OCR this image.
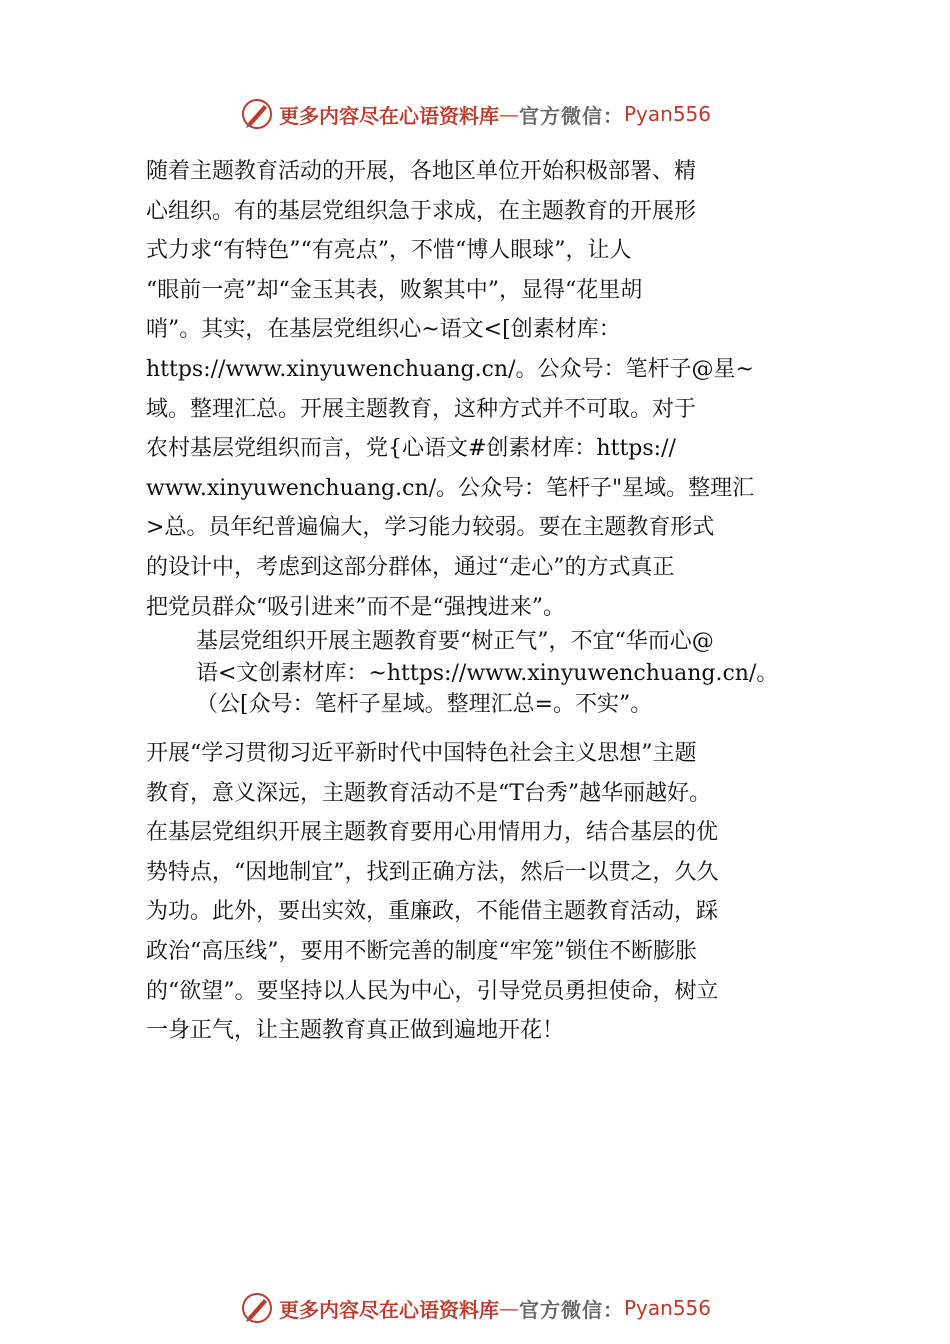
更多内容尽在心语资料库 — 官方微信： Pyan556
随着主题教育活动的开展，各地区单位开始积极部署、精
心组织。有的基层党组织急于求成，在主题教育的开展形
式力求“有特色”“有亮点”，不惜“博人眼球”，让人
“眼前一亮”却“金玉其表，败絮其中”，显得“花里胡
哨”。其实，在基层党组织心~语文<[创素材库：
https://www.xinyuwenchuang.cn/。公众号：笔杆子@星~
域。整理汇总。开展主题教育，这种方式并不可取。对于
农村基层党组织而言，党{心语文#创素材库：https://
www.xinyuwenchuang.cn/。公众号：笔杆子"星域。整理汇
>总。员年纪普遍偏大，学习能力较弱。要在主题教育形式
的设计中，考虑到这部分群体，通过“走心”的方式真正
把党员群众“吸引进来”而不是“强拽进来”。
基层党组织开展主题教育要“树正气”，不宜“华而心@
语<文创素材库：~https://www.xinyuwenchuang.cn/。
（公[众号：笔杆子星域。整理汇总=。不实”。
开展“学习贯彻习近平新时代中国特色社会主义思想”主题
教育，意义深远，主题教育活动不是“T台秀”越华丽越好。
在基层党组织开展主题教育要用心用情用力，结合基层的优
势特点，“因地制宜”，找到正确方法，然后一以贯之，久久
为功。此外，要出实效，重廉政，不能借主题教育活动，踩
政治“高压线”，要用不断完善的制度“牢笼”锁住不断膨胀
的“欲望”。要坚持以人民为中心，引导党员勇担使命，树立
一身正气，让主题教育真正做到遍地开花！
更多内容尽在心语资料库 — 官方微信： Pyan556
